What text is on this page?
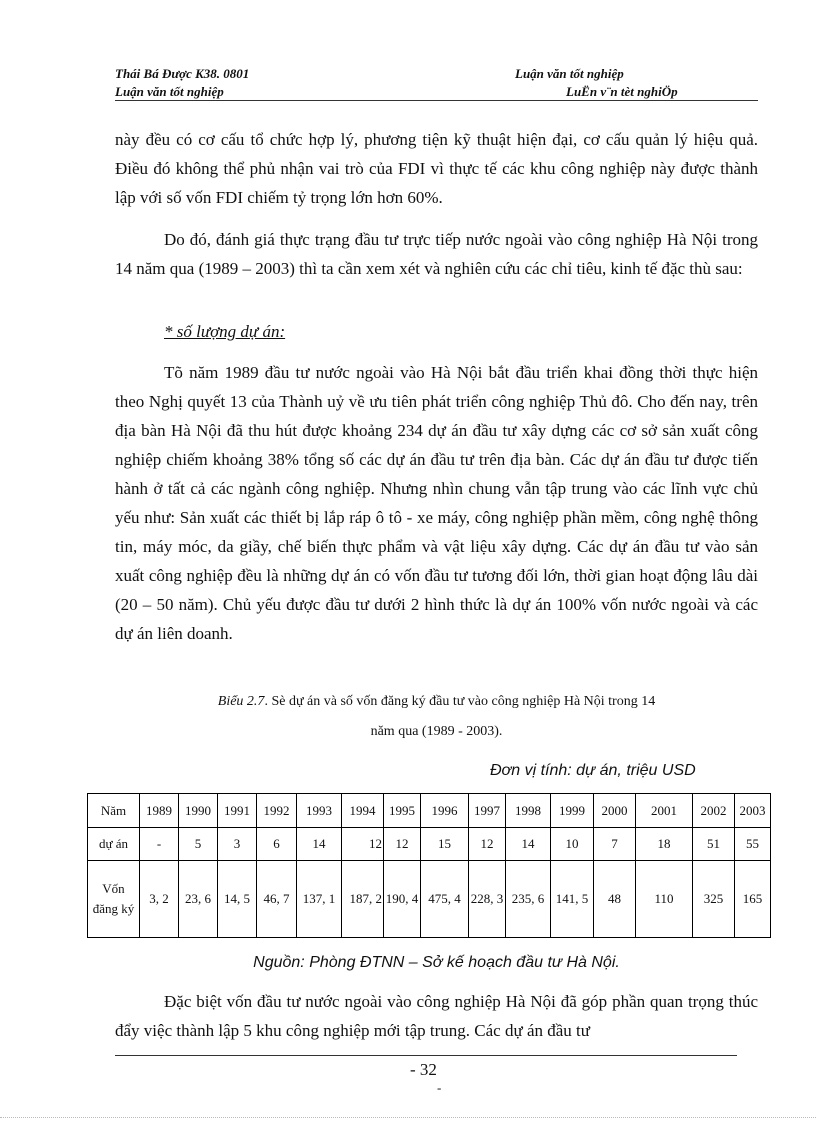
Thái Bá Được K38. 0801	Luận văn tốt nghiệp
Luận văn tốt nghiệp	LuËn v¨n tèt nghiÖp

này đều có cơ cấu tổ chức hợp lý, phương tiện kỹ thuật hiện đại, cơ cấu quản lý hiệu quả. Điều đó không thể phủ nhận vai trò của FDI vì thực tế các khu công nghiệp này được thành lập với số vốn FDI chiếm tỷ trọng lớn hơn 60%.

Do đó, đánh giá thực trạng đầu tư trực tiếp nước ngoài vào công nghiệp Hà Nội trong 14 năm qua (1989 – 2003) thì ta cần xem xét và nghiên cứu các chỉ tiêu, kinh tế đặc thù sau:

* số lượng dự án:

Tõ năm 1989 đầu tư nước ngoài vào Hà Nội bắt đầu triển khai đồng thời thực hiện theo Nghị quyết 13 của Thành uỷ về ưu tiên phát triển công nghiệp Thủ đô. Cho đến nay, trên địa bàn Hà Nội đã thu hút được khoảng 234 dự án đầu tư xây dựng các cơ sở sản xuất công nghiệp chiếm khoảng 38% tổng số các dự án đầu tư trên địa bàn. Các dự án đầu tư được tiến hành ở tất cả các ngành công nghiệp. Nhưng nhìn chung vẫn tập trung vào các lĩnh vực chủ yếu như: Sản xuất các thiết bị lắp ráp ô tô - xe máy, công nghiệp phần mềm, công nghệ thông tin, máy móc, da giầy, chế biến thực phẩm và vật liệu xây dựng. Các dự án đầu tư vào sản xuất công nghiệp đều là những dự án có vốn đầu tư tương đối lớn, thời gian hoạt động lâu dài (20 – 50 năm). Chủ yếu được đầu tư dưới 2 hình thức là dự án 100% vốn nước ngoài và các dự án liên doanh.

Biểu 2.7. Sè dự án và số vốn đăng ký đầu tư vào công nghiệp Hà Nội trong 14
năm qua (1989 - 2003).
Đơn vị tính: dự án, triệu USD
Năm	1989	1990	1991	1992	1993	1994	1995	1996	1997	1998	1999	2000	2001	2002	2003
dự án	-	5	3	6	14	12	12	15	12	14	10	7	18	51	55
Vốn đăng ký	3, 2	23, 6	14, 5	46, 7	137, 1	187, 2	190, 4	475, 4	228, 3	235, 6	141, 5	48	110	325	165
Nguồn: Phòng ĐTNN – Sở kế hoạch đầu tư Hà Nội.

Đặc biệt vốn đầu tư nước ngoài vào công nghiệp Hà Nội đã góp phần quan trọng thúc đẩy việc thành lập 5 khu công nghiệp mới tập trung. Các dự án đầu tư

- 32
-
